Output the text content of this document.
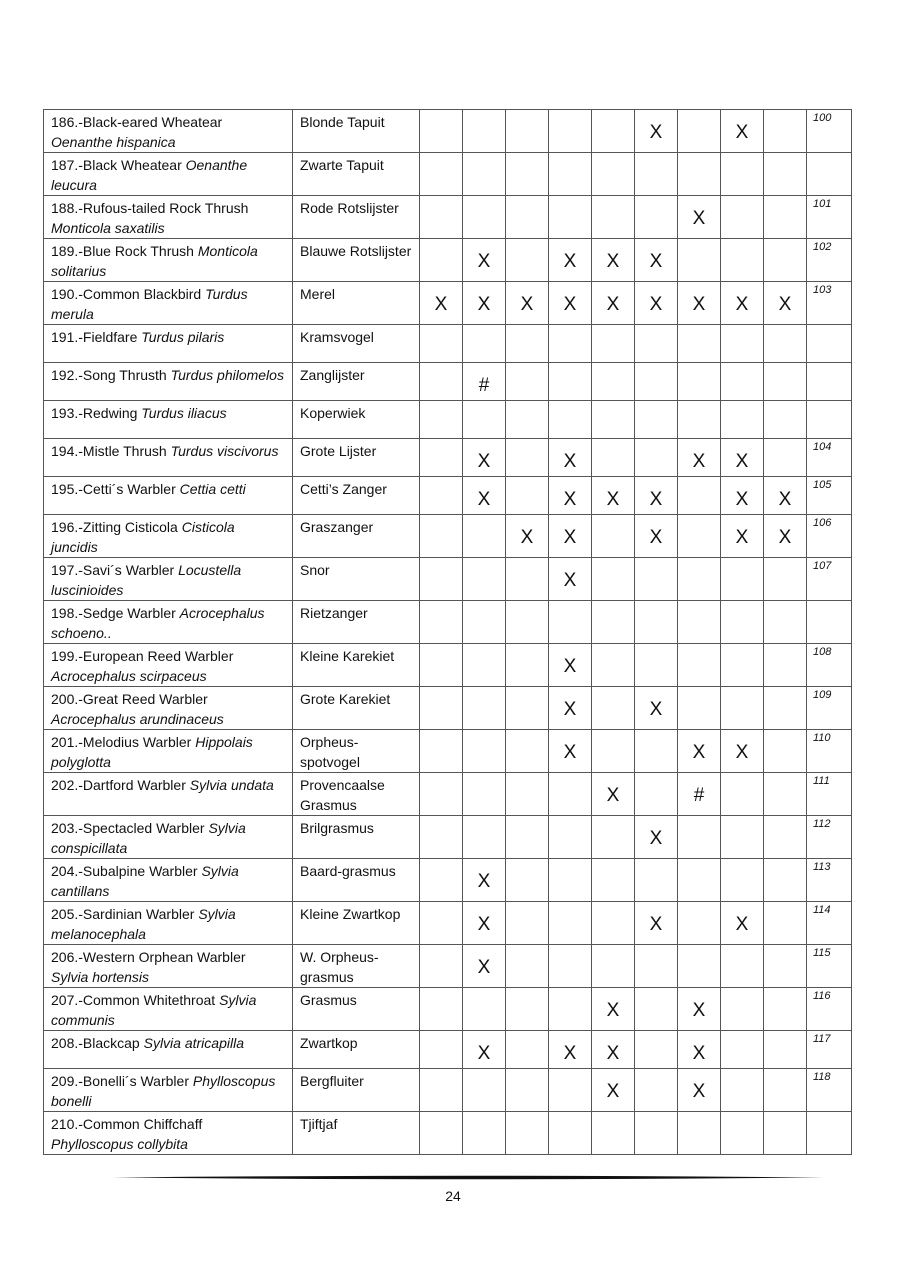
186.-Black-eared Wheatear Oenanthe hispanica	Blonde Tapuit						X		X		100
187.-Black Wheatear Oenanthe leucura	Zwarte Tapuit										
188.-Rufous-tailed Rock Thrush Monticola saxatilis	Rode Rotslijster							X			101
189.-Blue Rock Thrush Monticola solitarius	Blauwe Rotslijster		X		X	X	X				102
190.-Common Blackbird Turdus merula	Merel	X	X	X	X	X	X	X	X	X	103
191.-Fieldfare Turdus pilaris	Kramsvogel										
192.-Song Thrusth Turdus philomelos	Zanglijster		#								
193.-Redwing Turdus iliacus	Koperwiek										
194.-Mistle Thrush Turdus viscivorus	Grote Lijster		X		X			X	X		104
195.-Cetti´s Warbler Cettia cetti	Cetti’s Zanger		X		X	X	X		X	X	105
196.-Zitting Cisticola Cisticola juncidis	Graszanger			X	X		X		X	X	106
197.-Savi´s Warbler Locustella luscinioides	Snor				X						107
198.-Sedge Warbler Acrocephalus schoeno..	Rietzanger										
199.-European Reed Warbler Acrocephalus scirpaceus	Kleine Karekiet				X						108
200.-Great Reed Warbler Acrocephalus arundinaceus	Grote Karekiet				X		X				109
201.-Melodius Warbler Hippolais polyglotta	Orpheus-spotvogel				X			X	X		110
202.-Dartford Warbler Sylvia undata	Provencaalse Grasmus					X		#			111
203.-Spectacled Warbler Sylvia conspicillata	Brilgrasmus						X				112
204.-Subalpine Warbler Sylvia cantillans	Baard-grasmus		X								113
205.-Sardinian Warbler Sylvia melanocephala	Kleine Zwartkop		X				X		X		114
206.-Western Orphean Warbler Sylvia hortensis	W. Orpheus-grasmus		X								115
207.-Common Whitethroat Sylvia communis	Grasmus					X		X			116
208.-Blackcap Sylvia atricapilla	Zwartkop		X		X	X		X			117
209.-Bonelli´s Warbler Phylloscopus bonelli	Bergfluiter					X		X			118
210.-Common Chiffchaff Phylloscopus collybita	Tjiftjaf										
24
